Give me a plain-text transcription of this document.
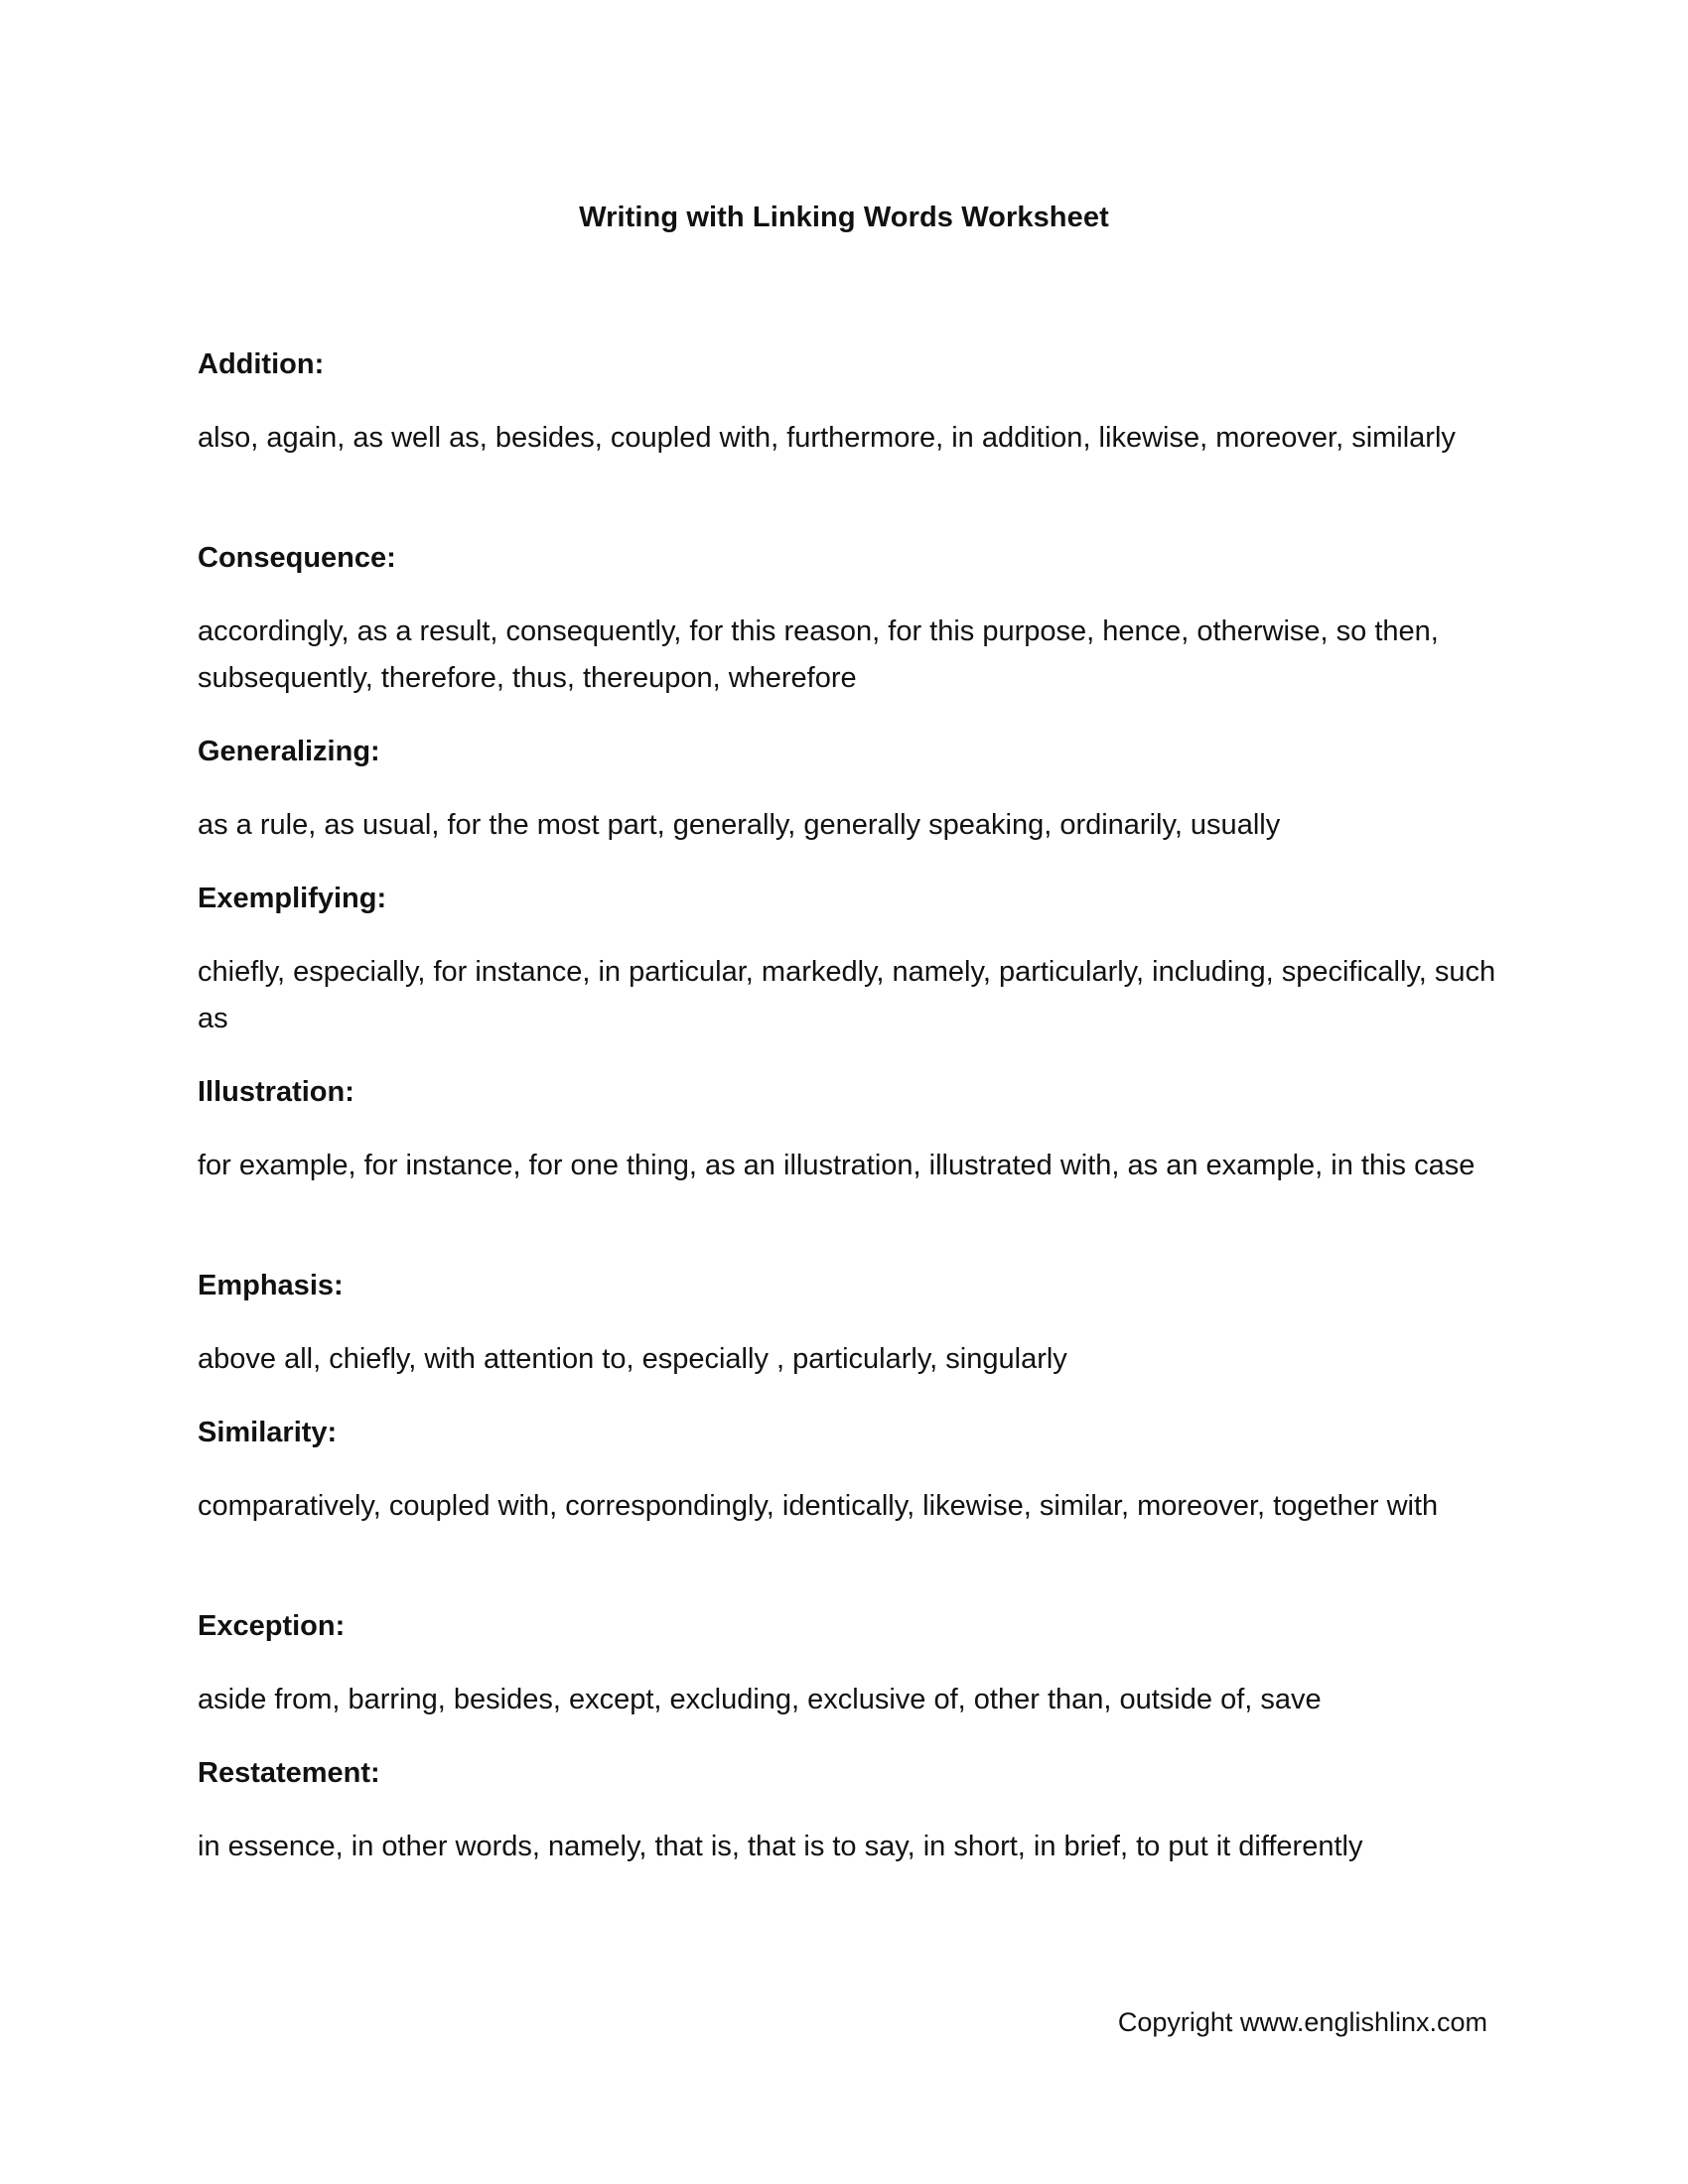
Writing with Linking Words Worksheet
Addition:
also, again, as well as, besides, coupled with, furthermore, in addition, likewise, moreover, similarly
Consequence:
accordingly, as a result, consequently, for this reason, for this purpose, hence, otherwise, so then, subsequently, therefore, thus, thereupon, wherefore
Generalizing:
as a rule, as usual, for the most part, generally, generally speaking, ordinarily, usually
Exemplifying:
chiefly, especially, for instance, in particular, markedly, namely, particularly, including, specifically, such as
Illustration:
for example, for instance, for one thing, as an illustration, illustrated with, as an example, in this case
Emphasis:
above all, chiefly, with attention to, especially , particularly, singularly
Similarity:
comparatively, coupled with, correspondingly, identically, likewise, similar, moreover, together with
Exception:
aside from, barring, besides, except, excluding, exclusive of, other than, outside of, save
Restatement:
in essence, in other words, namely, that is, that is to say, in short, in brief, to put it differently
Copyright www.englishlinx.com
